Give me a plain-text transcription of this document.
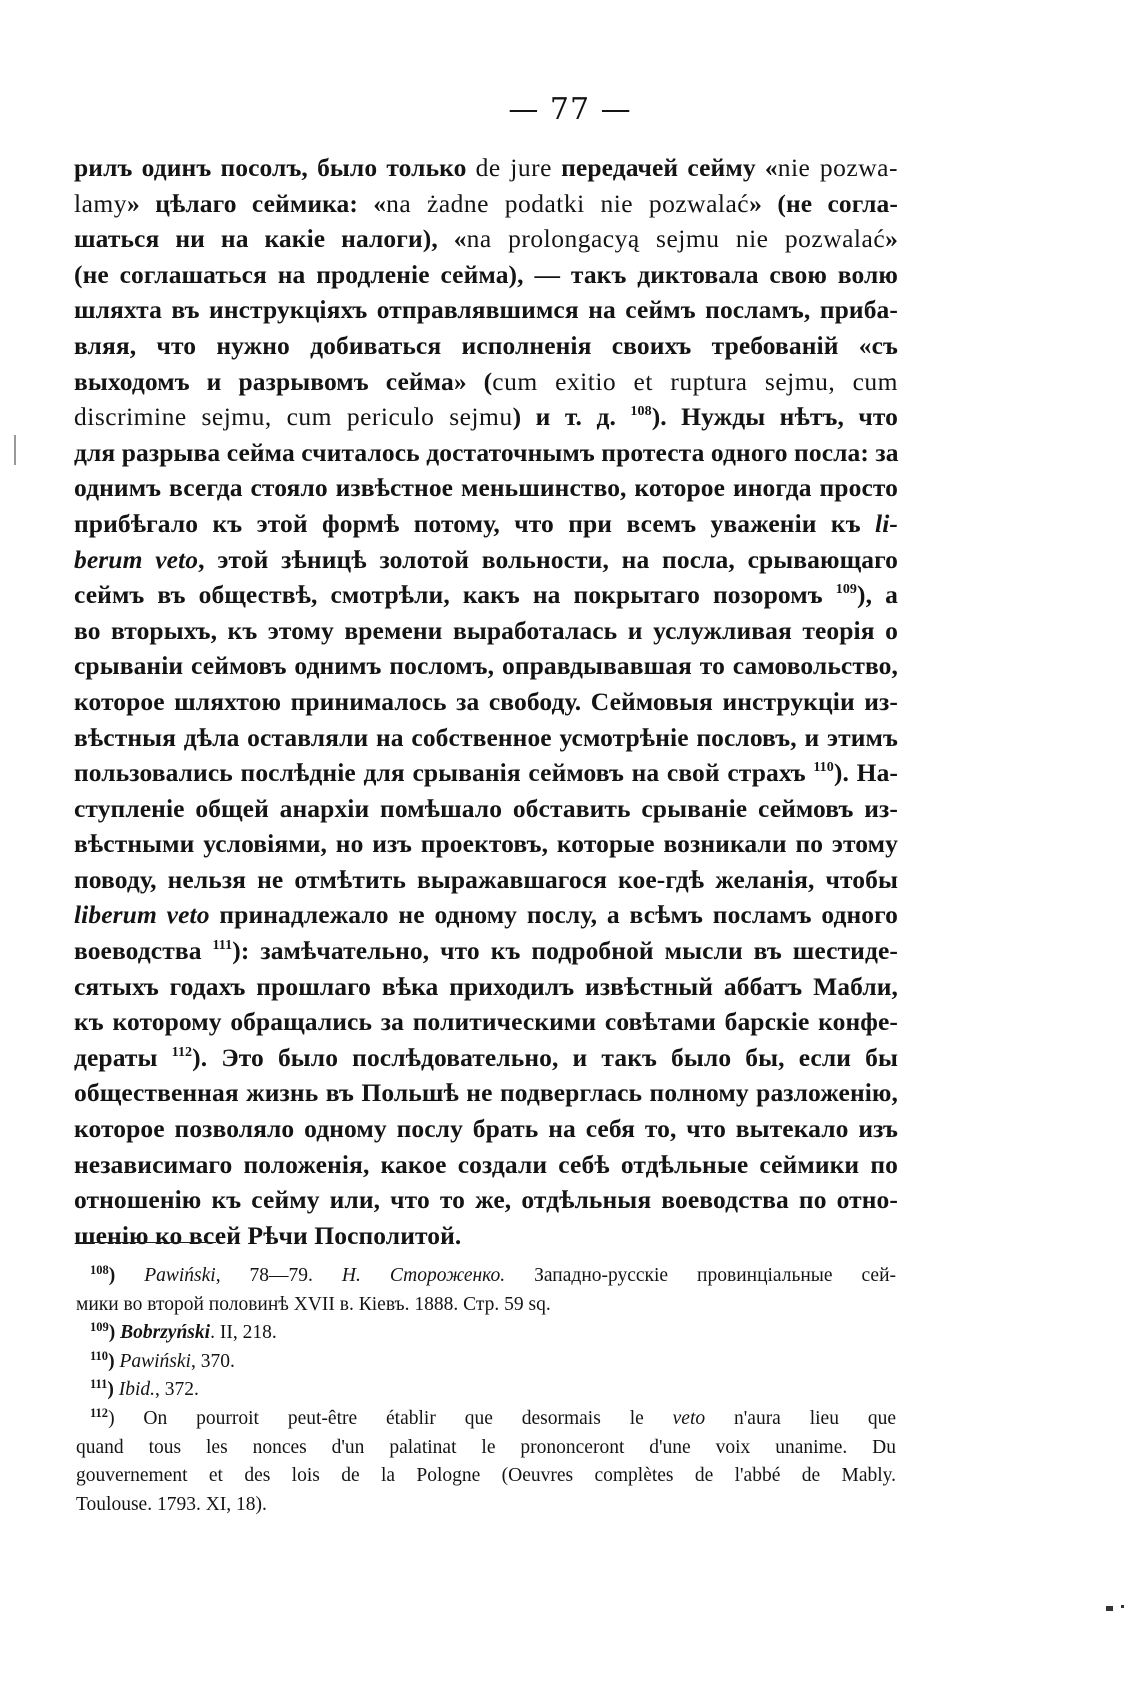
— 77 —
рилъ одинъ посолъ, было только de jure передачей сейму «nie pozwa-
lamy» цѣлаго сеймика: «na żadne podatki nie pozwalać» (не согла-
шаться ни на какіе налоги), «na prolongacyą sejmu nie pozwalać»
(не соглашаться на продленіе сейма), — такъ диктовала свою волю
шляхта въ инструкціяхъ отправлявшимся на сеймъ посламъ, приба-
вляя, что нужно добиваться исполненія своихъ требованій «съ
выходомъ и разрывомъ сейма» (cum exitio et ruptura sejmu, cum
discrimine sejmu, cum periculo sejmu) и т. д. $^{108}$). Нужды нѣтъ, что
для разрыва сейма считалось достаточнымъ протеста одного посла: за
однимъ всегда стояло извѣстное меньшинство, которое иногда просто
прибѣгало къ этой формѣ потому, что при всемъ уваженіи къ li-
berum veto, этой зѣницѣ золотой вольности, на посла, срывающаго
сеймъ въ обществѣ, смотрѣли, какъ на покрытаго позоромъ $^{109}$), а
во вторыхъ, къ этому времени выработалась и услужливая теорія о
срываніи сеймовъ однимъ посломъ, оправдывавшая то самовольство,
которое шляхтою принималось за свободу. Сеймовыя инструкціи из-
вѣстныя дѣла оставляли на собственное усмотрѣніе пословъ, и этимъ
пользовались послѣдніе для срыванія сеймовъ на свой страхъ $^{110}$). На-
ступленіе общей анархіи помѣшало обставить срываніе сеймовъ из-
вѣстными условіями, но изъ проектовъ, которые возникали по этому
поводу, нельзя не отмѣтить выражавшагося кое-гдѣ желанія, чтобы
liberum veto принадлежало не одному послу, а всѣмъ посламъ одного
воеводства $^{111}$): замѣчательно, что къ подробной мысли въ шестиде-
сятыхъ годахъ прошлаго вѣка приходилъ извѣстный аббатъ Мабли,
къ которому обращались за политическими совѣтами барскіе конфе-
дераты $^{112}$). Это было послѣдовательно, и такъ было бы, если бы
общественная жизнь въ Польшѣ не подверглась полному разложенію,
которое позволяло одному послу брать на себя то, что вытекало изъ
независимаго положенія, какое создали себѣ отдѣльные сеймики по
отношенію къ сейму или, что то же, отдѣльныя воеводства по отно-
шенію ко всей Рѣчи Посполитой.
$^{108}$) Pawiński, 78—79. Н. Стороженко. Западно-русскіе провинціальные сей-
мики во второй половинѣ XVII в. Кіевъ. 1888. Стр. 59 sq.
$^{109}$) Bobrzyński. II, 218.
$^{110}$) Pawiński, 370.
$^{111}$) Ibid., 372.
$^{112}$) On pourroit peut-être établir que desormais le veto n'aura lieu que
quand tous les nonces d'un palatinat le prononceront d'une voix unanime. Du
gouvernement et des lois de la Pologne (Oeuvres complètes de l'abbé de Mably.
Toulouse. 1793. XI, 18).
